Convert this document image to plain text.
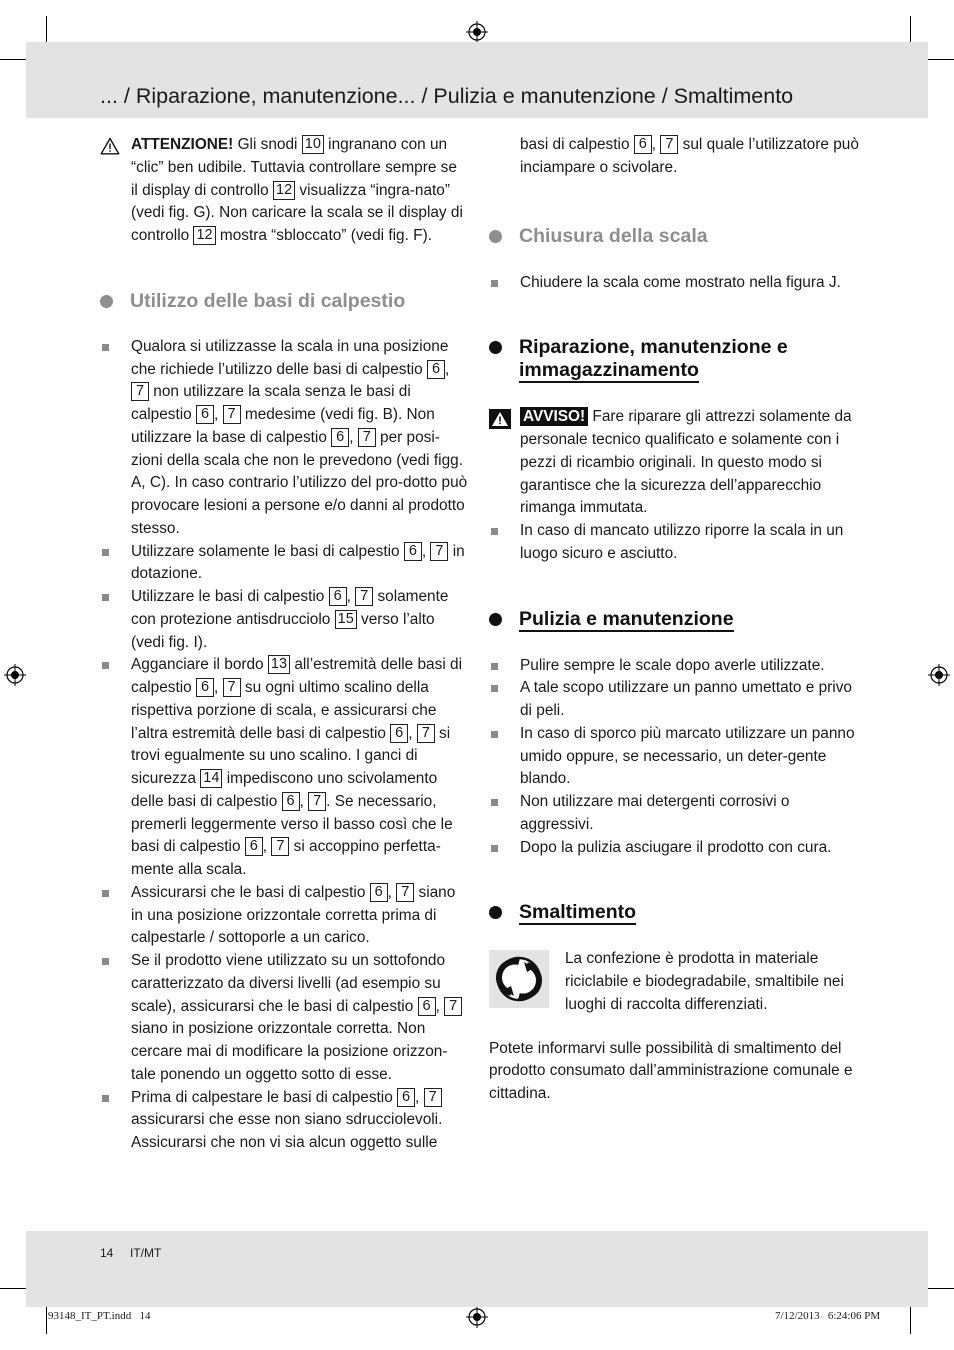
... / Riparazione, manutenzione... / Pulizia e manutenzione / Smaltimento
ATTENZIONE! Gli snodi 10 ingranano con un “clic” ben udibile. Tuttavia controllare sempre se il display di controllo 12 visualizza “ingra-nato” (vedi fig. G). Non caricare la scala se il display di controllo 12 mostra “sbloccato” (vedi fig. F).
Utilizzo delle basi di calpestio
Qualora si utilizzasse la scala in una posizione che richiede l’utilizzo delle basi di calpestio 6 , 7 non utilizzare la scala senza le basi di calpestio 6 , 7 medesime (vedi fig. B). Non utilizzare la base di calpestio 6 , 7 per posi-zioni della scala che non le prevedono (vedi figg. A, C). In caso contrario l’utilizzo del pro-dotto può provocare lesioni a persone e/o danni al prodotto stesso.
Utilizzare solamente le basi di calpestio 6 , 7 in dotazione.
Utilizzare le basi di calpestio 6 , 7 solamente con protezione antisdrucciolo 15 verso l’alto (vedi fig. I).
Agganciare il bordo 13 all’estremità delle basi di calpestio 6 , 7 su ogni ultimo scalino della rispettiva porzione di scala, e assicurarsi che l’altra estremità delle basi di calpestio 6 , 7 si trovi egualmente su uno scalino. I ganci di sicurezza 14 impediscono uno scivolamento delle basi di calpestio 6 , 7 . Se necessario, premerli leggermente verso il basso così che le basi di calpestio 6 , 7 si accoppino perfetta-mente alla scala.
Assicurarsi che le basi di calpestio 6 , 7 siano in una posizione orizzontale corretta prima di calpestarle / sottoporle a un carico.
Se il prodotto viene utilizzato su un sottofondo caratterizzato da diversi livelli (ad esempio su scale), assicurarsi che le basi di calpestio 6 , 7 siano in posizione orizzontale corretta. Non cercare mai di modificare la posizione orizzon-tale ponendo un oggetto sotto di esse.
Prima di calpestare le basi di calpestio 6 , 7 assicurarsi che esse non siano sdrucciolevoli. Assicurarsi che non vi sia alcun oggetto sulle
basi di calpestio 6 , 7 sul quale l’utilizzatore può inciampare o scivolare.
Chiusura della scala
Chiudere la scala come mostrato nella figura J.
Riparazione, manutenzione e
immagazzinamento
AVVISO! Fare riparare gli attrezzi solamente da personale tecnico qualificato e solamente con i pezzi di ricambio originali. In questo modo si garantisce che la sicurezza dell’apparecchio rimanga immutata.
In caso di mancato utilizzo riporre la scala in un luogo sicuro e asciutto.
Pulizia e manutenzione
Pulire sempre le scale dopo averle utilizzate.
A tale scopo utilizzare un panno umettato e privo di peli.
In caso di sporco più marcato utilizzare un panno umido oppure, se necessario, un deter-gente blando.
Non utilizzare mai detergenti corrosivi o aggressivi.
Dopo la pulizia asciugare il prodotto con cura.
Smaltimento
La confezione è prodotta in materiale riciclabile e biodegradabile, smaltibile nei luoghi di raccolta differenziati.
Potete informarvi sulle possibilità di smaltimento del prodotto consumato dall’amministrazione comunale e cittadina.
14 IT/MT
93148_IT_PT.indd   14	7/12/2013   6:24:06 PM
